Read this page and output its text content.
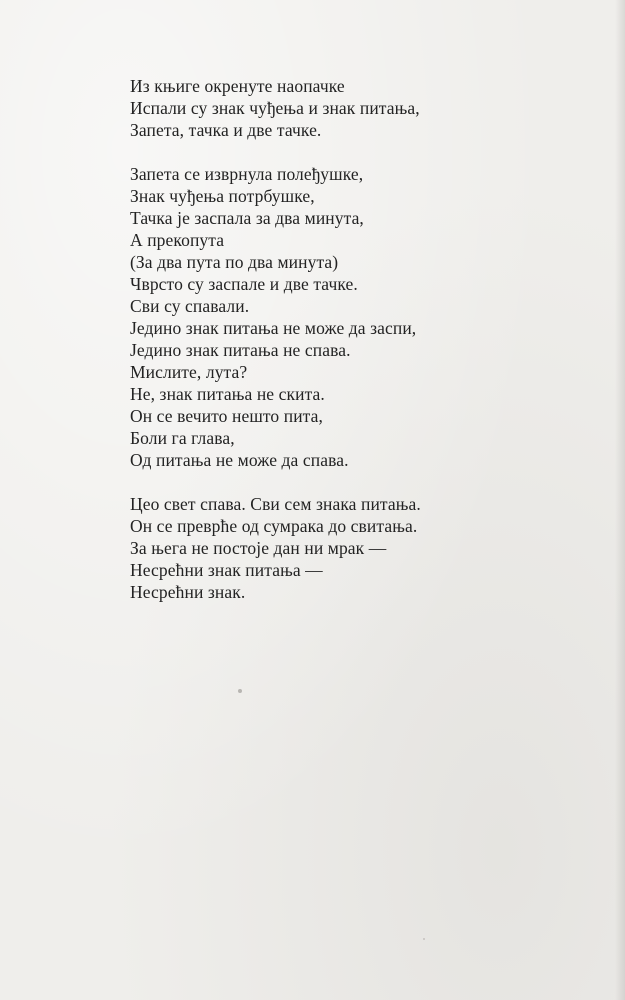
Из књиге окренуте наопачке
Испали су знак чуђења и знак питања,
Запета, тачка и две тачке.
Запета се изврнула полеђушке,
Знак чуђења потрбушке,
Тачка је заспала за два минута,
А прекопута
(За два пута по два минута)
Чврсто су заспале и две тачке.
Сви су спавали.
Једино знак питања не може да заспи,
Једино знак питања не спава.
Мислите, лута?
Не, знак питања не скита.
Он се вечито нешто пита,
Боли га глава,
Од питања не може да спава.
Цео свет спава. Сви сем знака питања.
Он се преврће од сумрака до свитања.
За њега не постоје дан ни мрак —
Несрећни знак питања —
Несрећни знак.
